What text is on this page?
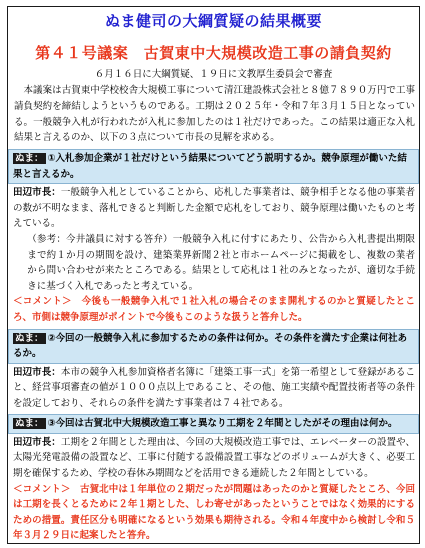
ぬま健司の大綱質疑の結果概要
第４１号議案　古賀東中大規模改造工事の請負契約
６月１６日に大綱質疑、１９日に文教厚生委員会で審査
本議案は古賀東中学校校舎大規模工事について清江建設株式会社と８億７８９０万円で工事請負契約を締結しようというものである。工期は２０２５年・令和７年３月１５日となっている。一般競争入札が行われたが入札に参加したのは１社だけであった。この結果は適正な入札結果と言えるのか、以下の３点について市長の見解を求める。
ぬま： ①入札参加企業が１社だけという結果についてどう説明するか。競争原理が働いた結果と言えるか。
田辺市長：一般競争入札としていることから、応札した事業者は、競争相手となる他の事業者の数が不明なまま、落札できると判断した金額で応札をしており、競争原理は働いたものと考えている。
（参考：今井議員に対する答弁）一般競争入札に付すにあたり、公告から入札書提出期限まで約１か月の期間を設け、建築業界新聞２社と市ホームページに掲載をし、複数の業者から問い合わせが来たところである。結果として応札は１社のみとなったが、適切な手続きに基づく入札であったと考えている。
＜コメント＞　今後も一般競争入札で１社入札の場合そのまま開札するのかと質疑したところ、市側は競争原理がポイントで今後もこのような扱うと答弁した。
ぬま： ②今回の一般競争入札に参加するための条件は何か。その条件を満たす企業は何社あるか。
田辺市長：本市の競争入札参加資格者名簿に「建築工事一式」を第一希望として登録があること、経営事項審査の値が１０００点以上であること、その他、施工実績や配置技術者等の条件を設定しており、それらの条件を満たす事業者は７４社である。
ぬま： ③今回は古賀北中大規模改造工事と異なり工期を２年間としたがその理由は何か。
田辺市長：工期を２年間とした理由は、今回の大規模改造工事では、エレベーターの設置や、太陽光発電設備の設置など、工事に付随する設備設置工事などのボリュームが大きく、必要工期を確保するため、学校の春休み期間などを活用できる連続した２年間としている。
＜コメント＞　古賀北中は１年単位の２期だったが問題はあったのかと質疑したところ、今回は工期を長くとるために２年１期とした、しわ寄せがあったということではなく効果的にするための措置。責任区分も明確になるという効果も期待される。令和４年度中から検討し令和５年３月２９日に起案したと答弁。
